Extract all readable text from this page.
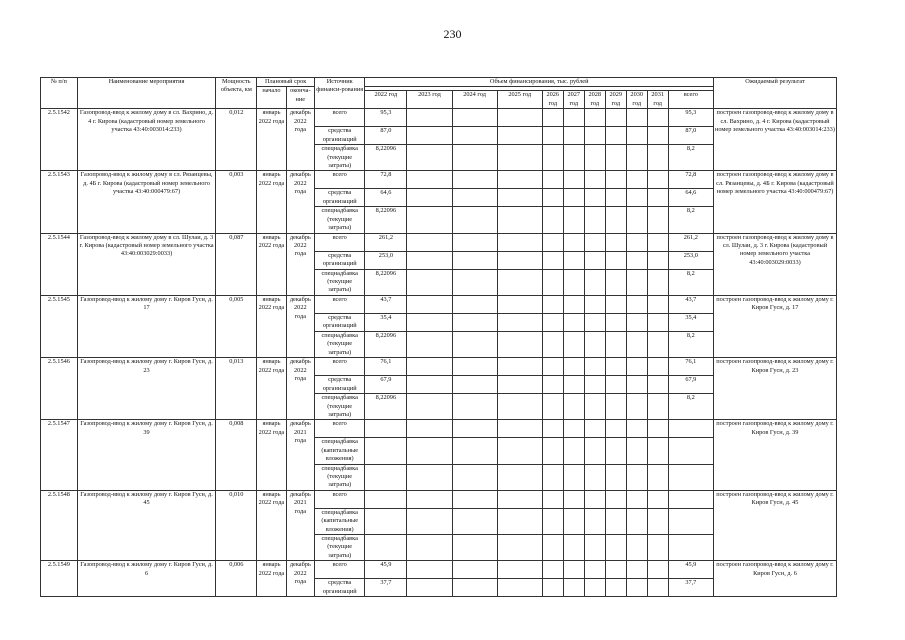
230
№ п/п	Наименование мероприятия	Мощность объекта, км	Плановый срок		Источник финанси-рования	Объем финансирования, тыс. рублей											Ожидаемый результат
			начало	оконча-ние													
						2022 год	2023 год	2024 год	2025 год	2026 год	2027 год	2028 год	2029 год	2030 год	2031 год	всего	
2.5.1542	Газопровод-ввод к жилому дому в сл. Вахрино, д. 4 г. Кирова (кадастровый номер земельного участка 43:40:003014:233)	0,012	январь 2022 года	декабрь 2022 года	всего	95,3										95,3	построен газопровод-ввод к жилому дому в сл. Вахрино, д. 4 г. Кирова (кадастровый номер земельного участка 43:40:003014:233)
					средства организаций	87,0										87,0	
					спецнадбавка (текущие затраты)	8,22096										8,2	
2.5.1543	Газопровод-ввод к жилому дому в сл. Рязанцевы, д. 4Б г. Кирова (кадастровый номер земельного участка 43:40:000479:67)	0,003	январь 2022 года	декабрь 2022 года	всего	72,8										72,8	построен газопровод-ввод к жилому дому в сл. Рязанцевы, д. 4Б г. Кирова (кадастровый номер земельного участка 43:40:000479:67)
					средства организаций	64,6										64,6	
					спецнадбавка (текущие затраты)	8,22096										8,2	
2.5.1544	Газопровод-ввод к жилому дому в сл. Шулаи, д. 3 г. Кирова (кадастровый номер земельного участка 43:40:003029:0033)	0,087	январь 2022 года	декабрь 2022 года	всего	261,2										261,2	построен газопровод-ввод к жилому дому в сл. Шулаи, д. 3 г. Кирова (кадастровый номер земельного участка 43:40:003029:0033)
					средства организаций	253,0										253,0	
					спецнадбавка (текущие затраты)	8,22096										8,2	
2.5.1545	Газопровод-ввод к жилому дому г. Киров Гусн, д. 17	0,005	январь 2022 года	декабрь 2022 года	всего	43,7										43,7	построен газопровод-ввод к жилому дому г. Киров Гусн, д. 17
					средства организаций	35,4										35,4	
					спецнадбавка (текущие затраты)	8,22096										8,2	
2.5.1546	Газопровод-ввод к жилому дому г. Киров Гусн, д. 23	0,013	январь 2022 года	декабрь 2022 года	всего	76,1										76,1	построен газопровод-ввод к жилому дому г. Киров Гусн, д. 23
					средства организаций	67,9										67,9	
					спецнадбавка (текущие затраты)	8,22096										8,2	
2.5.1547	Газопровод-ввод к жилому дому г. Киров Гусн, д. 39	0,008	январь 2022 года	декабрь 2021 года	всего												построен газопровод-ввод к жилому дому г. Киров Гусн, д. 39
					спецнадбавка (капитальные вложения)												
					спецнадбавка (текущие затраты)												
2.5.1548	Газопровод-ввод к жилому дому г. Киров Гусн, д. 45	0,010	январь 2022 года	декабрь 2021 года	всего												построен газопровод-ввод к жилому дому г. Киров Гусн, д. 45
					спецнадбавка (капитальные вложения)												
					спецнадбавка (текущие затраты)												
2.5.1549	Газопровод-ввод к жилому дому г. Киров Гусн, д. 6	0,006	январь 2022 года	декабрь 2022 года	всего	45,9										45,9	построен газопровод-ввод к жилому дому г. Киров Гусн, д. 6
					средства организаций	37,7										37,7	
